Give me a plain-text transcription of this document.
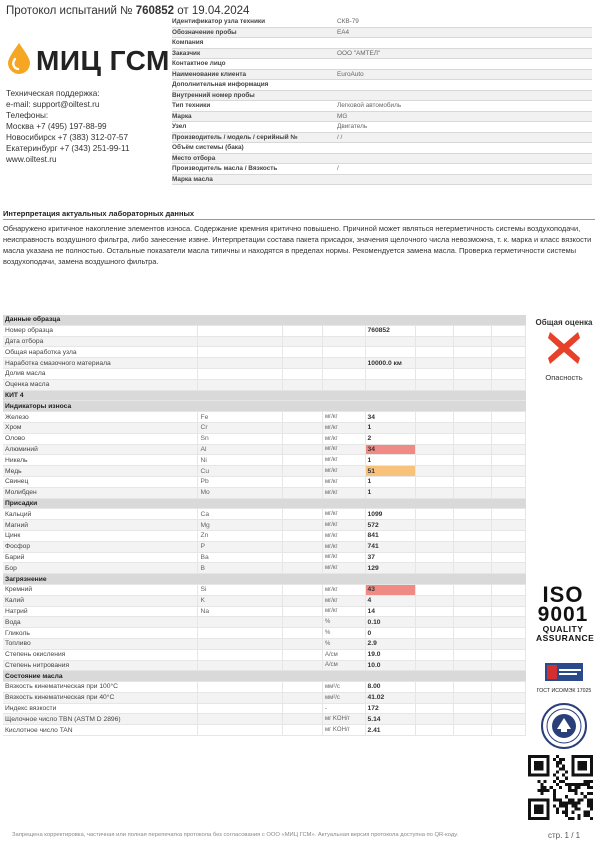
Протокол испытаний № 760852 от 19.04.2024
МИЦ ГСМ
Техническая поддержка:
e-mail: support@oiltest.ru
Телефоны:
Москва +7 (495) 197-88-99
Новосибирск +7 (383) 312-07-57
Екатеринбург +7 (343) 251-99-11
www.oiltest.ru
Идентификатор узла техники	СКВ-79
Обозначение пробы	ЕА4
Компания	
Заказчик	ООО "АМТЕЛ"
Контактное лицо	
Наименование клиента	EuroAuto
Дополнительная информация	
Внутренний номер пробы	
Тип техники	Легковой автомобиль
Марка	MG
Узел	Двигатель
Производитель / модель / серийный №	/ /
Объём системы (бака)	
Место отбора	
Производитель масла / Вязкость	/
Марка масла	
Интерпретация актуальных лабораторных данных
Обнаружено критичное накопление элементов износа. Содержание кремния критично повышено. Причиной может являться негерметичность системы воздухоподачи, неисправность воздушного фильтра, либо занесение извне. Интерпретации состава пакета присадок, значения щелочного числа невозможна, т. к. марка и класс вязкости масла указана не полностью. Остальные показатели масла типичны и находятся в пределах нормы. Рекомендуется замена масла. Проверка герметичности системы воздухоподачи, замена воздушного фильтра.
Данные образца							
Номер образца				760852			
Дата отбора							
Общая наработка узла							
Наработка смазочного материала				10000.0 км			
Долив масла							
Оценка масла							
КИТ 4							
Индикаторы износа							
Железо	Fe		мг/кг	34			
Хром	Cr		мг/кг	1			
Олово	Sn		мг/кг	2			
Алюминий	Al		мг/кг	34			
Никель	Ni		мг/кг	1			
Медь	Cu		мг/кг	51			
Свинец	Pb		мг/кг	1			
Молибден	Mo		мг/кг	1			
Присадки							
Кальций	Ca		мг/кг	1099			
Магний	Mg		мг/кг	572			
Цинк	Zn		мг/кг	841			
Фосфор	P		мг/кг	741			
Барий	Ba		мг/кг	37			
Бор	B		мг/кг	129			
Загрязнение							
Кремний	Si		мг/кг	43			
Калий	K		мг/кг	4			
Натрий	Na		мг/кг	14			
Вода			%	0.10			
Гликоль			%	0			
Топливо			%	2.9			
Степень окисления			А/см	19.0			
Степень нитрования			А/см	10.0			
Состояние масла							
Вязкость кинематическая при 100°C			мм²/с	8.00			
Вязкость кинематическая при 40°C			мм²/с	41.02			
Индекс вязкости			-	172			
Щелочное число TBN (ASTM D 2896)			мг KOH/г	5.14			
Кислотное число TAN			мг KOH/г	2.41			
Общая оценка
Опасность
ISO
9001
QUALITY
ASSURANCE
ГОСТ ИСО/МЭК 17025
Запрещена корректировка, частичная или полная перепечатка протокола без согласования с ООО «МИЦ ГСМ». Актуальная версия протокола доступна по QR-коду.	стр. 1 / 1
